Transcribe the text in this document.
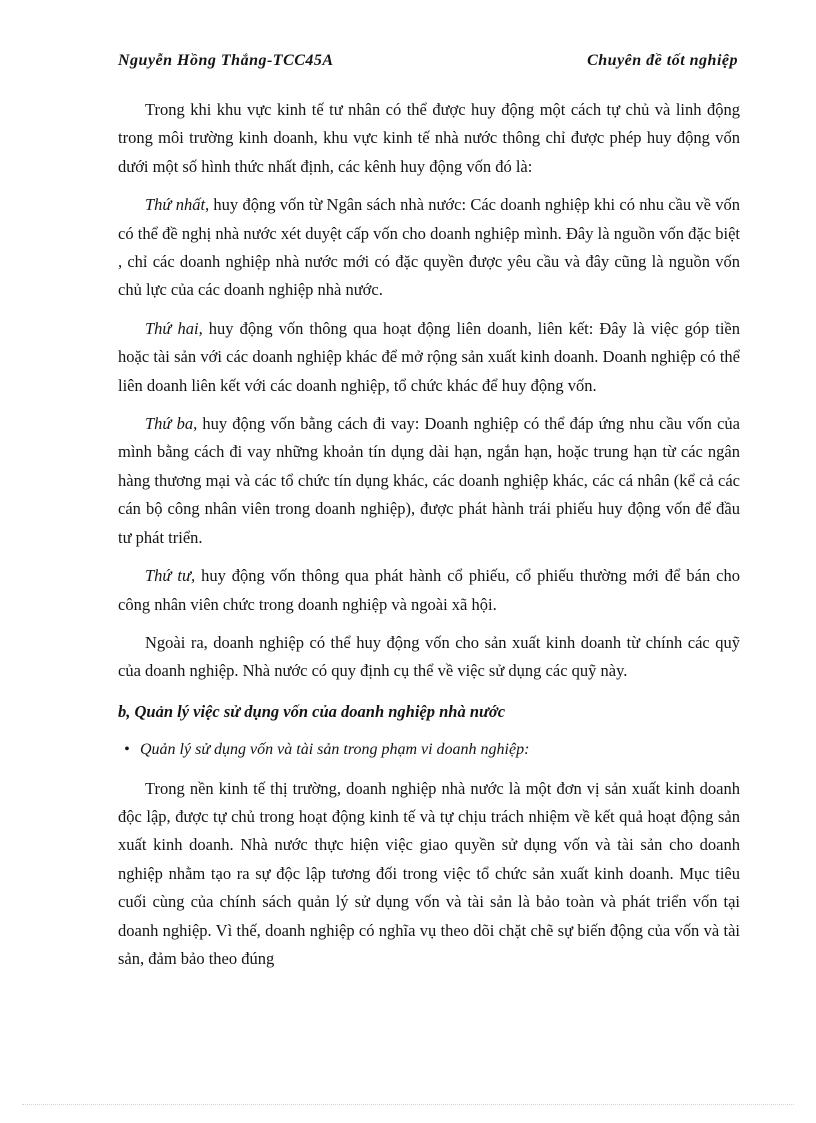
Nguyễn Hồng Thắng-TCC45A	Chuyên đề tốt nghiệp

Trong khi khu vực kinh tế tư nhân có thể được huy động một cách tự chủ và linh động trong môi trường kinh doanh, khu vực kinh tế nhà nước thông chỉ được phép huy động vốn dưới một số hình thức nhất định, các kênh huy động vốn đó là:

Thứ nhất, huy động vốn từ Ngân sách nhà nước: Các doanh nghiệp khi có nhu cầu về vốn có thể đề nghị nhà nước xét duyệt cấp vốn cho doanh nghiệp mình. Đây là nguồn vốn đặc biệt , chỉ các doanh nghiệp nhà nước mới có đặc quyền được yêu cầu và đây cũng là nguồn vốn chủ lực của các doanh nghiệp nhà nước.

Thứ hai, huy động vốn thông qua hoạt động liên doanh, liên kết: Đây là việc góp tiền hoặc tài sản với các doanh nghiệp khác để mở rộng sản xuất kinh doanh. Doanh nghiệp có thể liên doanh liên kết với các doanh nghiệp, tổ chức khác để huy động vốn.

Thứ ba, huy động vốn bằng cách đi vay: Doanh nghiệp có thể đáp ứng nhu cầu vốn của mình bằng cách đi vay những khoản tín dụng dài hạn, ngắn hạn, hoặc trung hạn từ các ngân hàng thương mại và các tổ chức tín dụng khác, các doanh nghiệp khác, các cá nhân (kể cả các cán bộ công nhân viên trong doanh nghiệp), được phát hành trái phiếu huy động vốn để đầu tư phát triển.

Thứ tư, huy động vốn thông qua phát hành cổ phiếu, cổ phiếu thường mới để bán cho công nhân viên chức trong doanh nghiệp và ngoài xã hội.

Ngoài ra, doanh nghiệp có thể huy động vốn cho sản xuất kinh doanh từ chính các quỹ của doanh nghiệp. Nhà nước có quy định cụ thể về việc sử dụng các quỹ này.

b, Quản lý việc sử dụng vốn của doanh nghiệp nhà nước
• Quản lý sử dụng vốn và tài sản trong phạm vi doanh nghiệp:

Trong nền kinh tế thị trường, doanh nghiệp nhà nước là một đơn vị sản xuất kinh doanh độc lập, được tự chủ trong hoạt động kinh tế và tự chịu trách nhiệm về kết quả hoạt động sản xuất kinh doanh. Nhà nước thực hiện việc giao quyền sử dụng vốn và tài sản cho doanh nghiệp nhằm tạo ra sự độc lập tương đối trong việc tổ chức sản xuất kinh doanh. Mục tiêu cuối cùng của chính sách quản lý sử dụng vốn và tài sản là bảo toàn và phát triển vốn tại doanh nghiệp. Vì thế, doanh nghiệp có nghĩa vụ theo dõi chặt chẽ sự biến động của vốn và tài sản, đảm bảo theo đúng
